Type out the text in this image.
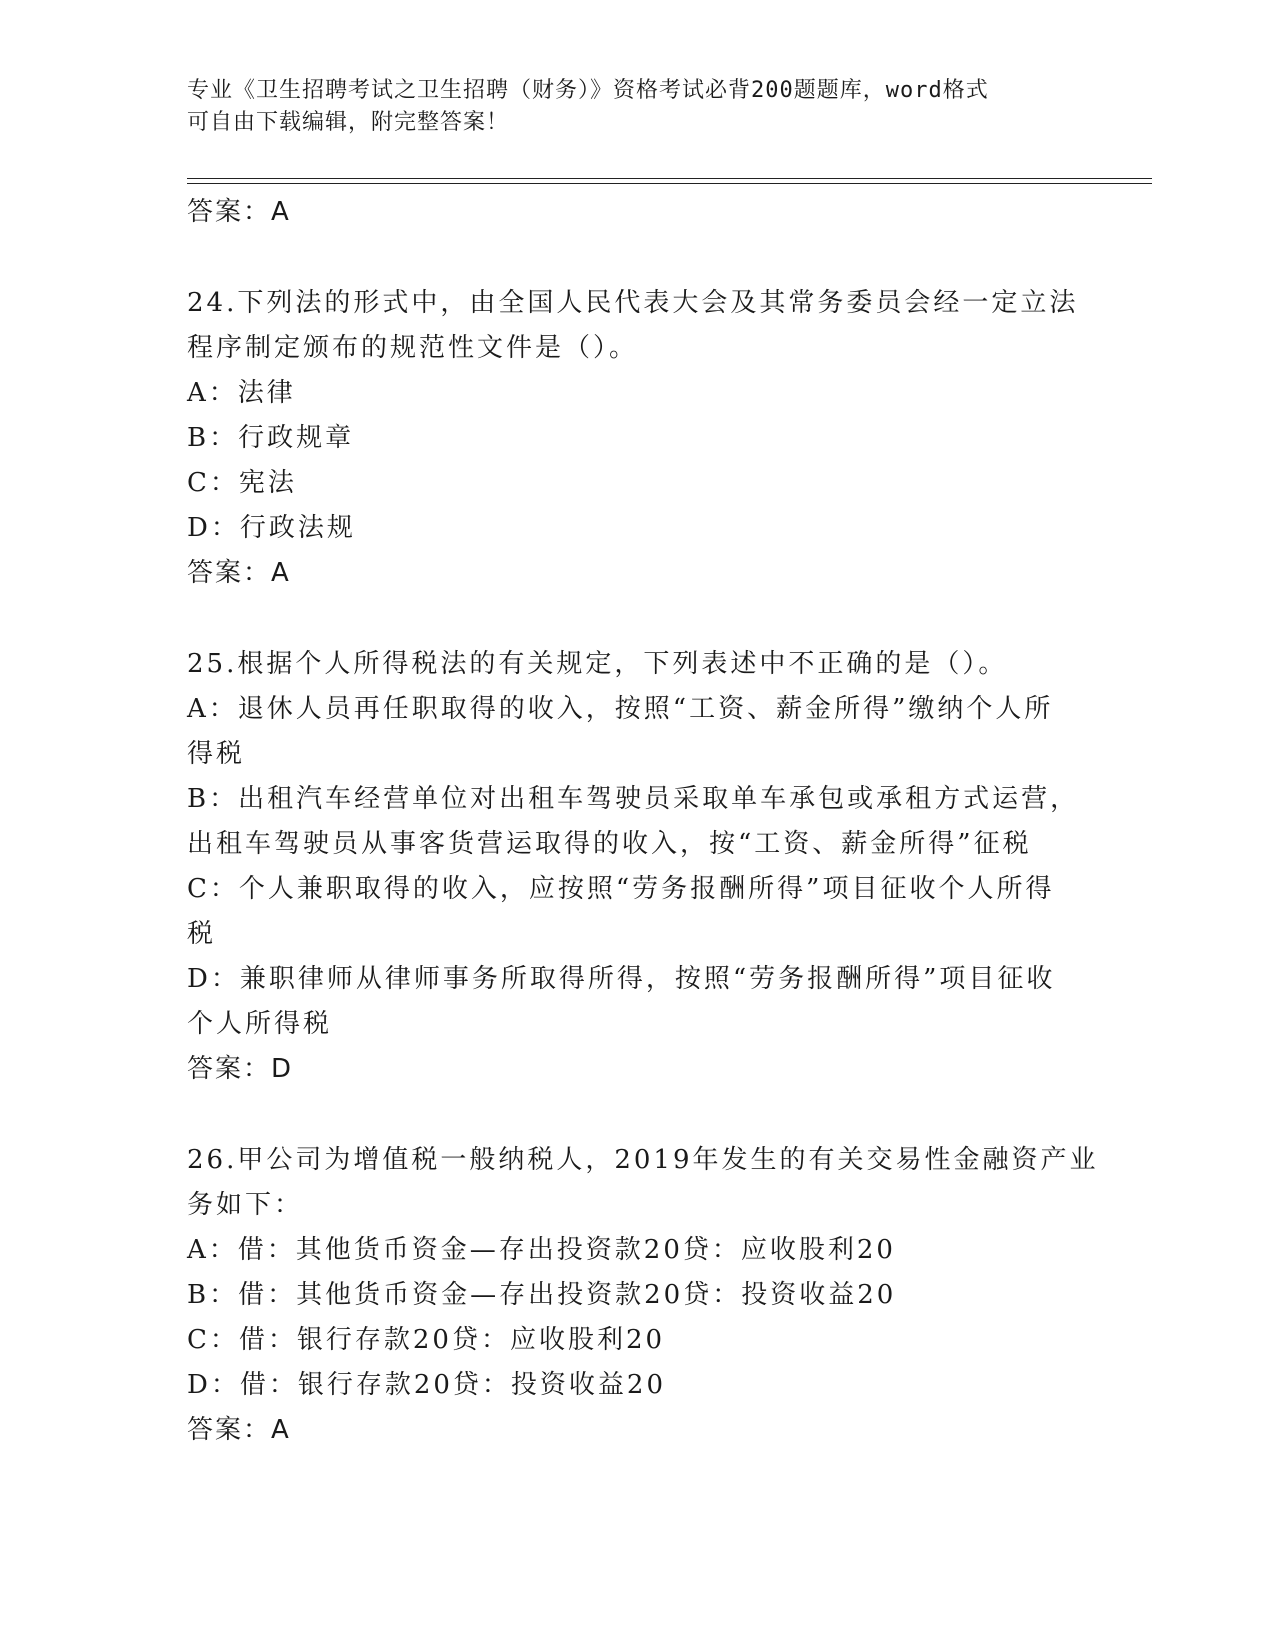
专业《卫生招聘考试之卫生招聘（财务）》资格考试必背200题题库，word格式
可自由下载编辑，附完整答案！

答案：A

24.下列法的形式中，由全国人民代表大会及其常务委员会经一定立法

程序制定颁布的规范性文件是（）。

A：法律

B：行政规章

C：宪法

D：行政法规

答案：A

25.根据个人所得税法的有关规定，下列表述中不正确的是（）。

A：退休人员再任职取得的收入，按照“工资、薪金所得”缴纳个人所

得税

B：出租汽车经营单位对出租车驾驶员采取单车承包或承租方式运营，

出租车驾驶员从事客货营运取得的收入，按“工资、薪金所得”征税

C：个人兼职取得的收入，应按照“劳务报酬所得”项目征收个人所得

税

D：兼职律师从律师事务所取得所得，按照“劳务报酬所得”项目征收

个人所得税

答案：D

26.甲公司为增值税一般纳税人，2019年发生的有关交易性金融资产业

务如下：

A：借：其他货币资金—存出投资款20贷：应收股利20

B：借：其他货币资金—存出投资款20贷：投资收益20

C：借：银行存款20贷：应收股利20

D：借：银行存款20贷：投资收益20

答案：A
